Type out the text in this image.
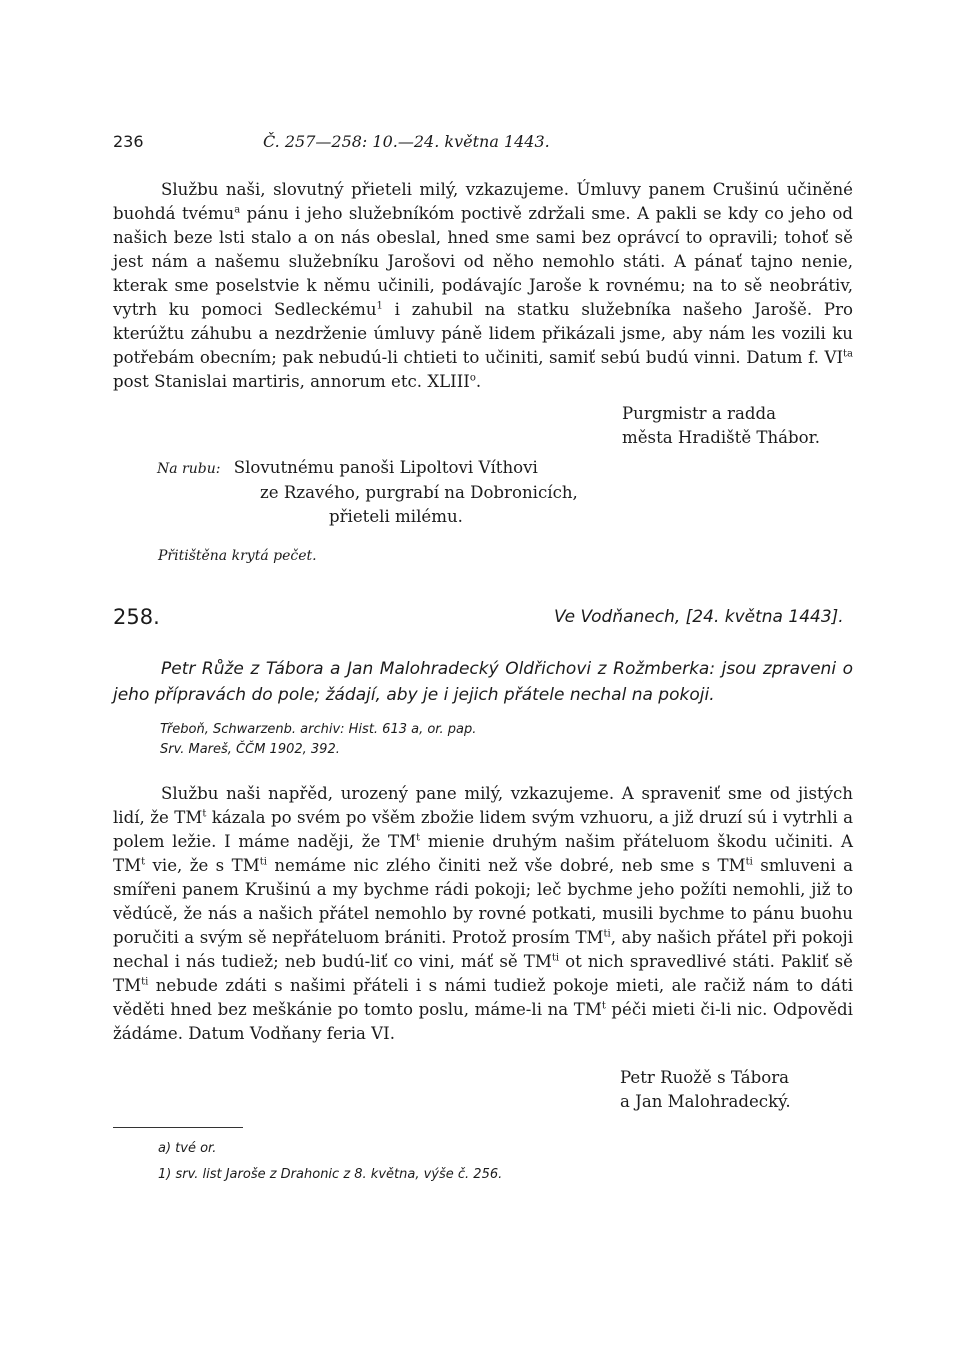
236	Č. 257—258: 10.—24. května 1443.
Službu naši, slovutný přieteli milý, vzkazujeme. Úmluvy panem Crušinú učiněné buohdá tvému$^a$ pánu i jeho služebníkóm poctivě zdržali sme. A pakli se kdy co jeho od našich beze lsti stalo a on nás obeslal, hned sme sami bez oprávcí to opravili; tohoť sě jest nám a našemu služebníku Jarošovi od něho nemohlo státi. A pánať tajno nenie, kterak sme poselstvie k němu učinili, podávajíc Jaroše k rovnému; na to sě neobrátiv, vytrh ku pomoci Sedleckému$^1$ i zahubil na statku služebníka našeho Jarošě. Pro kterúžtu záhubu a nezdrženie úmluvy páně lidem přikázali jsme, aby nám les vozili ku potřebám obecním; pak nebudú-li chtieti to učiniti, samiť sebú budú vinni. Datum f. $VI^{ta}$ post Stanislai martiris, annorum etc. XLIII$^o$.
Purgmistr a radda
města Hradiště Thábor.
Na rubu: Slovutnému panoši Lipoltovi Víthovi
ze Rzavého, purgrabí na Dobronicích,
přieteli milému.
Přitištěna krytá pečet.
258.	Ve Vodňanech, [24. května 1443].
Petr Růže z Tábora a Jan Malohradecký Oldřichovi z Rožmberka: jsou zpraveni o jeho přípravách do pole; žádají, aby je i jejich přátele nechal na pokoji.
Třeboň, Schwarzenb. archiv: Hist. 613 a, or. pap.
Srv. Mareš, ČČM 1902, 392.
Službu naši napřěd, urozený pane milý, vzkazujeme. A spraveniť sme od jistých lidí, že $TM^t$ kázala po svém po všěm zbožie lidem svým vzhuoru, a již druzí sú i vytrhli a polem ležie. I máme naději, že $TM^t$ mienie druhým našim přáteluom škodu učiniti. A $TM^t$ vie, že s $TM^{ti}$ nemáme nic zlého činiti než vše dobré, neb sme s $TM^{ti}$ smluveni a smířeni panem Krušinú a my bychme rádi pokoji; leč bychme jeho požíti nemohli, již to vědúcě, že nás a našich přátel nemohlo by rovné potkati, musili bychme to pánu buohu poručiti a svým sě nepřáteluom brániti. Protož prosím $TM^{ti}$, aby našich přátel při pokoji nechal i nás tudiež; neb budú-liť co vini, máť sě $TM^{ti}$ ot nich spravedlivé státi. Pakliť sě $TM^{ti}$ nebude zdáti s našimi přáteli i s námi tudiež pokoje mieti, ale račiž nám to dáti věděti hned bez meškánie po tomto poslu, máme-li na $TM^t$ péči mieti či-li nic. Odpovědi žádáme. Datum Vodňany feria VI.
Petr Ruožě s Tábora
a Jan Malohradecký.
a) tvé or.
1) srv. list Jaroše z Drahonic z 8. května, výše č. 256.
